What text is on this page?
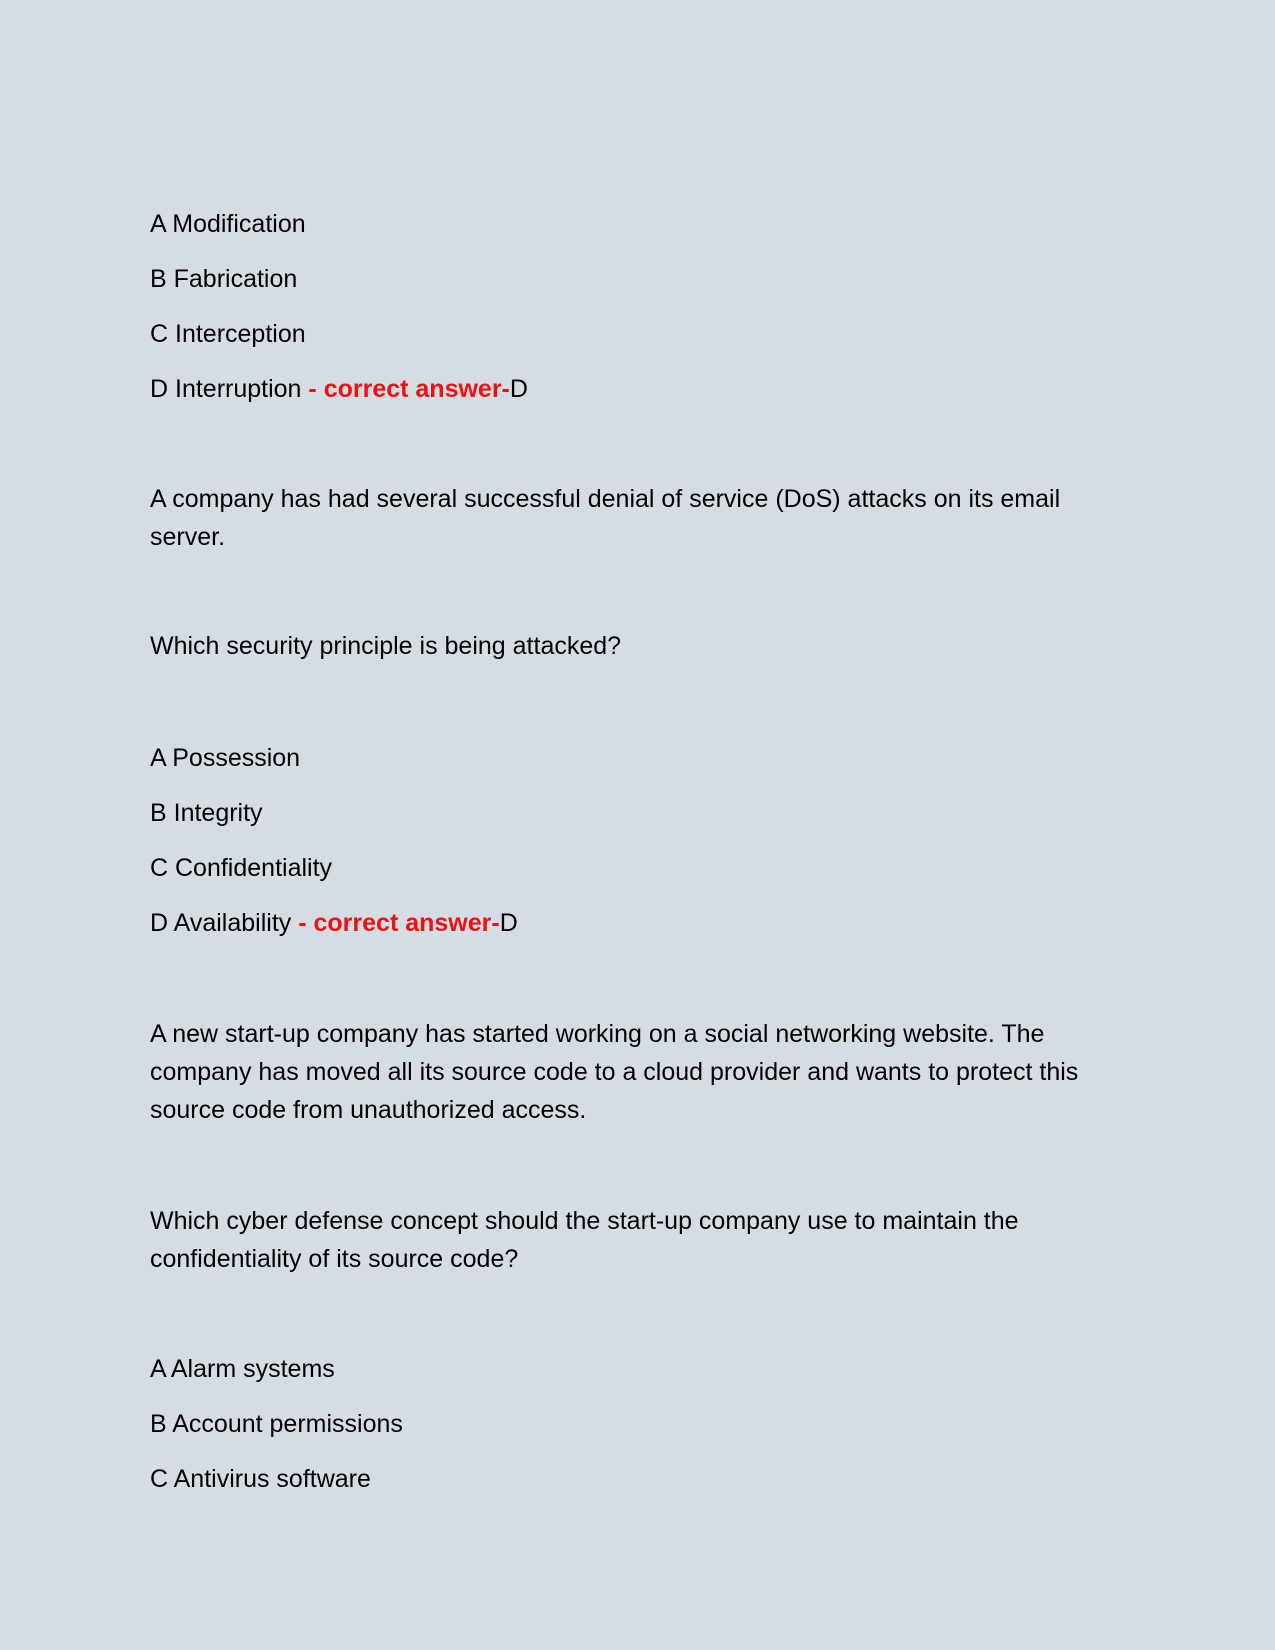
A Modification

B Fabrication

C Interception

D Interruption - correct answer-D

A company has had several successful denial of service (DoS) attacks on its email server.

Which security principle is being attacked?

A Possession

B Integrity

C Confidentiality

D Availability - correct answer-D

A new start-up company has started working on a social networking website. The company has moved all its source code to a cloud provider and wants to protect this source code from unauthorized access.

Which cyber defense concept should the start-up company use to maintain the confidentiality of its source code?

A Alarm systems

B Account permissions

C Antivirus software
